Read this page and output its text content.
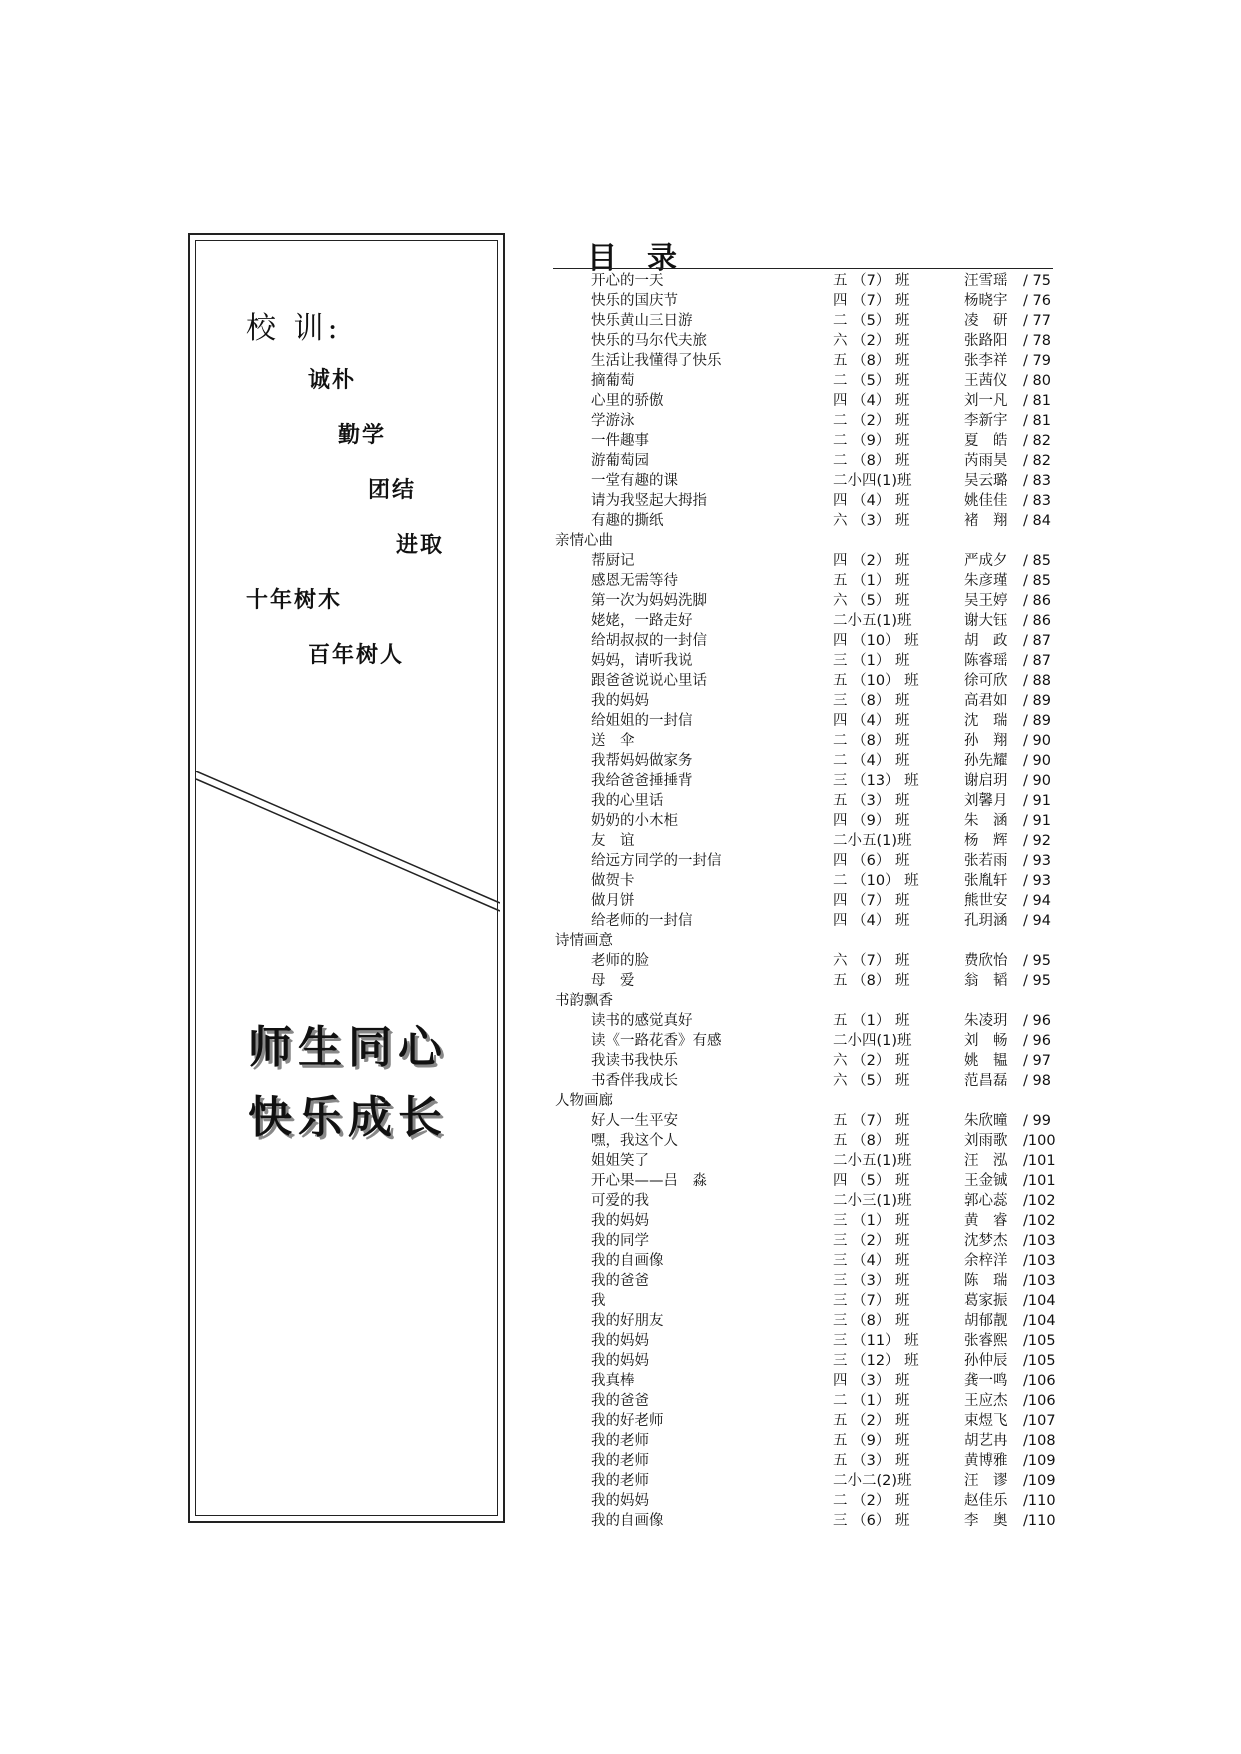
校 训:
诚朴
勤学
团结
进取
十年树木
百年树人
师生同心
快乐成长
目录
开心的一天	五 （7） 班	汪雪瑶 / 75
快乐的国庆节	四 （7） 班	杨晓宇 / 76
快乐黄山三日游	二 （5） 班	凌　研 / 77
快乐的马尔代夫旅	六 （2） 班	张路阳 / 78
生活让我懂得了快乐	五 （8） 班	张李祥 / 79
摘葡萄	二 （5） 班	王茜仪 / 80
心里的骄傲	四 （4） 班	刘一凡 / 81
学游泳	二 （2） 班	李新宇 / 81
一件趣事	二 （9） 班	夏　皓 / 82
游葡萄园	二 （8） 班	芮雨昊 / 82
一堂有趣的课	二小四(1)班	吴云璐 / 83
请为我竖起大拇指	四 （4） 班	姚佳佳 / 83
有趣的撕纸	六 （3） 班	褚　翔 / 84
亲情心曲
帮厨记	四 （2） 班	严成夕 / 85
感恩无需等待	五 （1） 班	朱彦瑾 / 85
第一次为妈妈洗脚	六 （5） 班	吴王婷 / 86
姥姥，一路走好	二小五(1)班	谢大钰 / 86
给胡叔叔的一封信	四 （10） 班	胡　政 / 87
妈妈，请听我说	三 （1） 班	陈睿瑶 / 87
跟爸爸说说心里话	五 （10） 班	徐可欣 / 88
我的妈妈	三 （8） 班	高君如 / 89
给姐姐的一封信	四 （4） 班	沈　瑞 / 89
送　伞	二 （8） 班	孙　翔 / 90
我帮妈妈做家务	二 （4） 班	孙先耀 / 90
我给爸爸捶捶背	三 （13） 班	谢启玥 / 90
我的心里话	五 （3） 班	刘馨月 / 91
奶奶的小木柜	四 （9） 班	朱　涵 / 91
友　谊	二小五(1)班	杨　辉 / 92
给远方同学的一封信	四 （6） 班	张若雨 / 93
做贺卡	二 （10） 班	张胤轩 / 93
做月饼	四 （7） 班	熊世安 / 94
给老师的一封信	四 （4） 班	孔玥涵 / 94
诗情画意
老师的脸	六 （7） 班	费欣怡 / 95
母　爱	五 （8） 班	翁　韬 / 95
书韵飘香
读书的感觉真好	五 （1） 班	朱凌玥 / 96
读《一路花香》有感	二小四(1)班	刘　畅 / 96
我读书我快乐	六 （2） 班	姚　韫 / 97
书香伴我成长	六 （5） 班	范昌磊 / 98
人物画廊
好人一生平安	五 （7） 班	朱欣曈 / 99
嘿，我这个人	五 （8） 班	刘雨歌 /100
姐姐笑了	二小五(1)班	汪　泓 /101
开心果——吕　淼	四 （5） 班	王金铖 /101
可爱的我	二小三(1)班	郭心蕊 /102
我的妈妈	三 （1） 班	黄　睿 /102
我的同学	三 （2） 班	沈梦杰 /103
我的自画像	三 （4） 班	余梓洋 /103
我的爸爸	三 （3） 班	陈　瑞 /103
我	三 （7） 班	葛家振 /104
我的好朋友	三 （8） 班	胡郁靓 /104
我的妈妈	三 （11） 班	张睿熙 /105
我的妈妈	三 （12） 班	孙仲辰 /105
我真棒	四 （3） 班	龚一鸣 /106
我的爸爸	二 （1） 班	王应杰 /106
我的好老师	五 （2） 班	束煜飞 /107
我的老师	五 （9） 班	胡艺冉 /108
我的老师	五 （3） 班	黄博雅 /109
我的老师	二小二(2)班	汪　谬 /109
我的妈妈	二 （2） 班	赵佳乐 /110
我的自画像	三 （6） 班	李　奥 /110
